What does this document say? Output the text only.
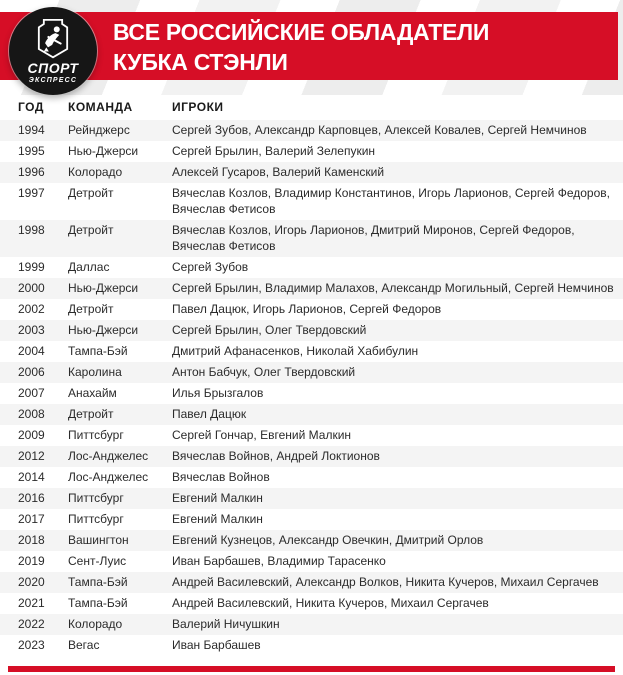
СПОРТ
ЭКСПРЕСС
ВСЕ РОССИЙСКИЕ ОБЛАДАТЕЛИ
КУБКА СТЭНЛИ
ГОД	КОМАНДА	ИГРОКИ
1994	Рейнджерс	Сергей Зубов, Александр Карповцев, Алексей Ковалев, Сергей Немчинов
1995	Нью-Джерси	Сергей Брылин, Валерий Зелепукин
1996	Колорадо	Алексей Гусаров, Валерий Каменский
1997	Детройт	Вячеслав Козлов, Владимир Константинов, Игорь Ларионов, Сергей Федоров, Вячеслав Фетисов
1998	Детройт	Вячеслав Козлов, Игорь Ларионов, Дмитрий Миронов, Сергей Федоров, Вячеслав Фетисов
1999	Даллас	Сергей Зубов
2000	Нью-Джерси	Сергей Брылин, Владимир Малахов, Александр Могильный, Сергей Немчинов
2002	Детройт	Павел Дацюк, Игорь Ларионов, Сергей Федоров
2003	Нью-Джерси	Сергей Брылин, Олег Твердовский
2004	Тампа-Бэй	Дмитрий Афанасенков, Николай Хабибулин
2006	Каролина	Антон Бабчук, Олег Твердовский
2007	Анахайм	Илья Брызгалов
2008	Детройт	Павел Дацюк
2009	Питтсбург	Сергей Гончар, Евгений Малкин
2012	Лос-Анджелес	Вячеслав Войнов, Андрей Локтионов
2014	Лос-Анджелес	Вячеслав Войнов
2016	Питтсбург	Евгений Малкин
2017	Питтсбург	Евгений Малкин
2018	Вашингтон	Евгений Кузнецов, Александр Овечкин, Дмитрий Орлов
2019	Сент-Луис	Иван Барбашев, Владимир Тарасенко
2020	Тампа-Бэй	Андрей Василевский, Александр Волков, Никита Кучеров, Михаил Сергачев
2021	Тампа-Бэй	Андрей Василевский, Никита Кучеров, Михаил Сергачев
2022	Колорадо	Валерий Ничушкин
2023	Вегас	Иван Барбашев
